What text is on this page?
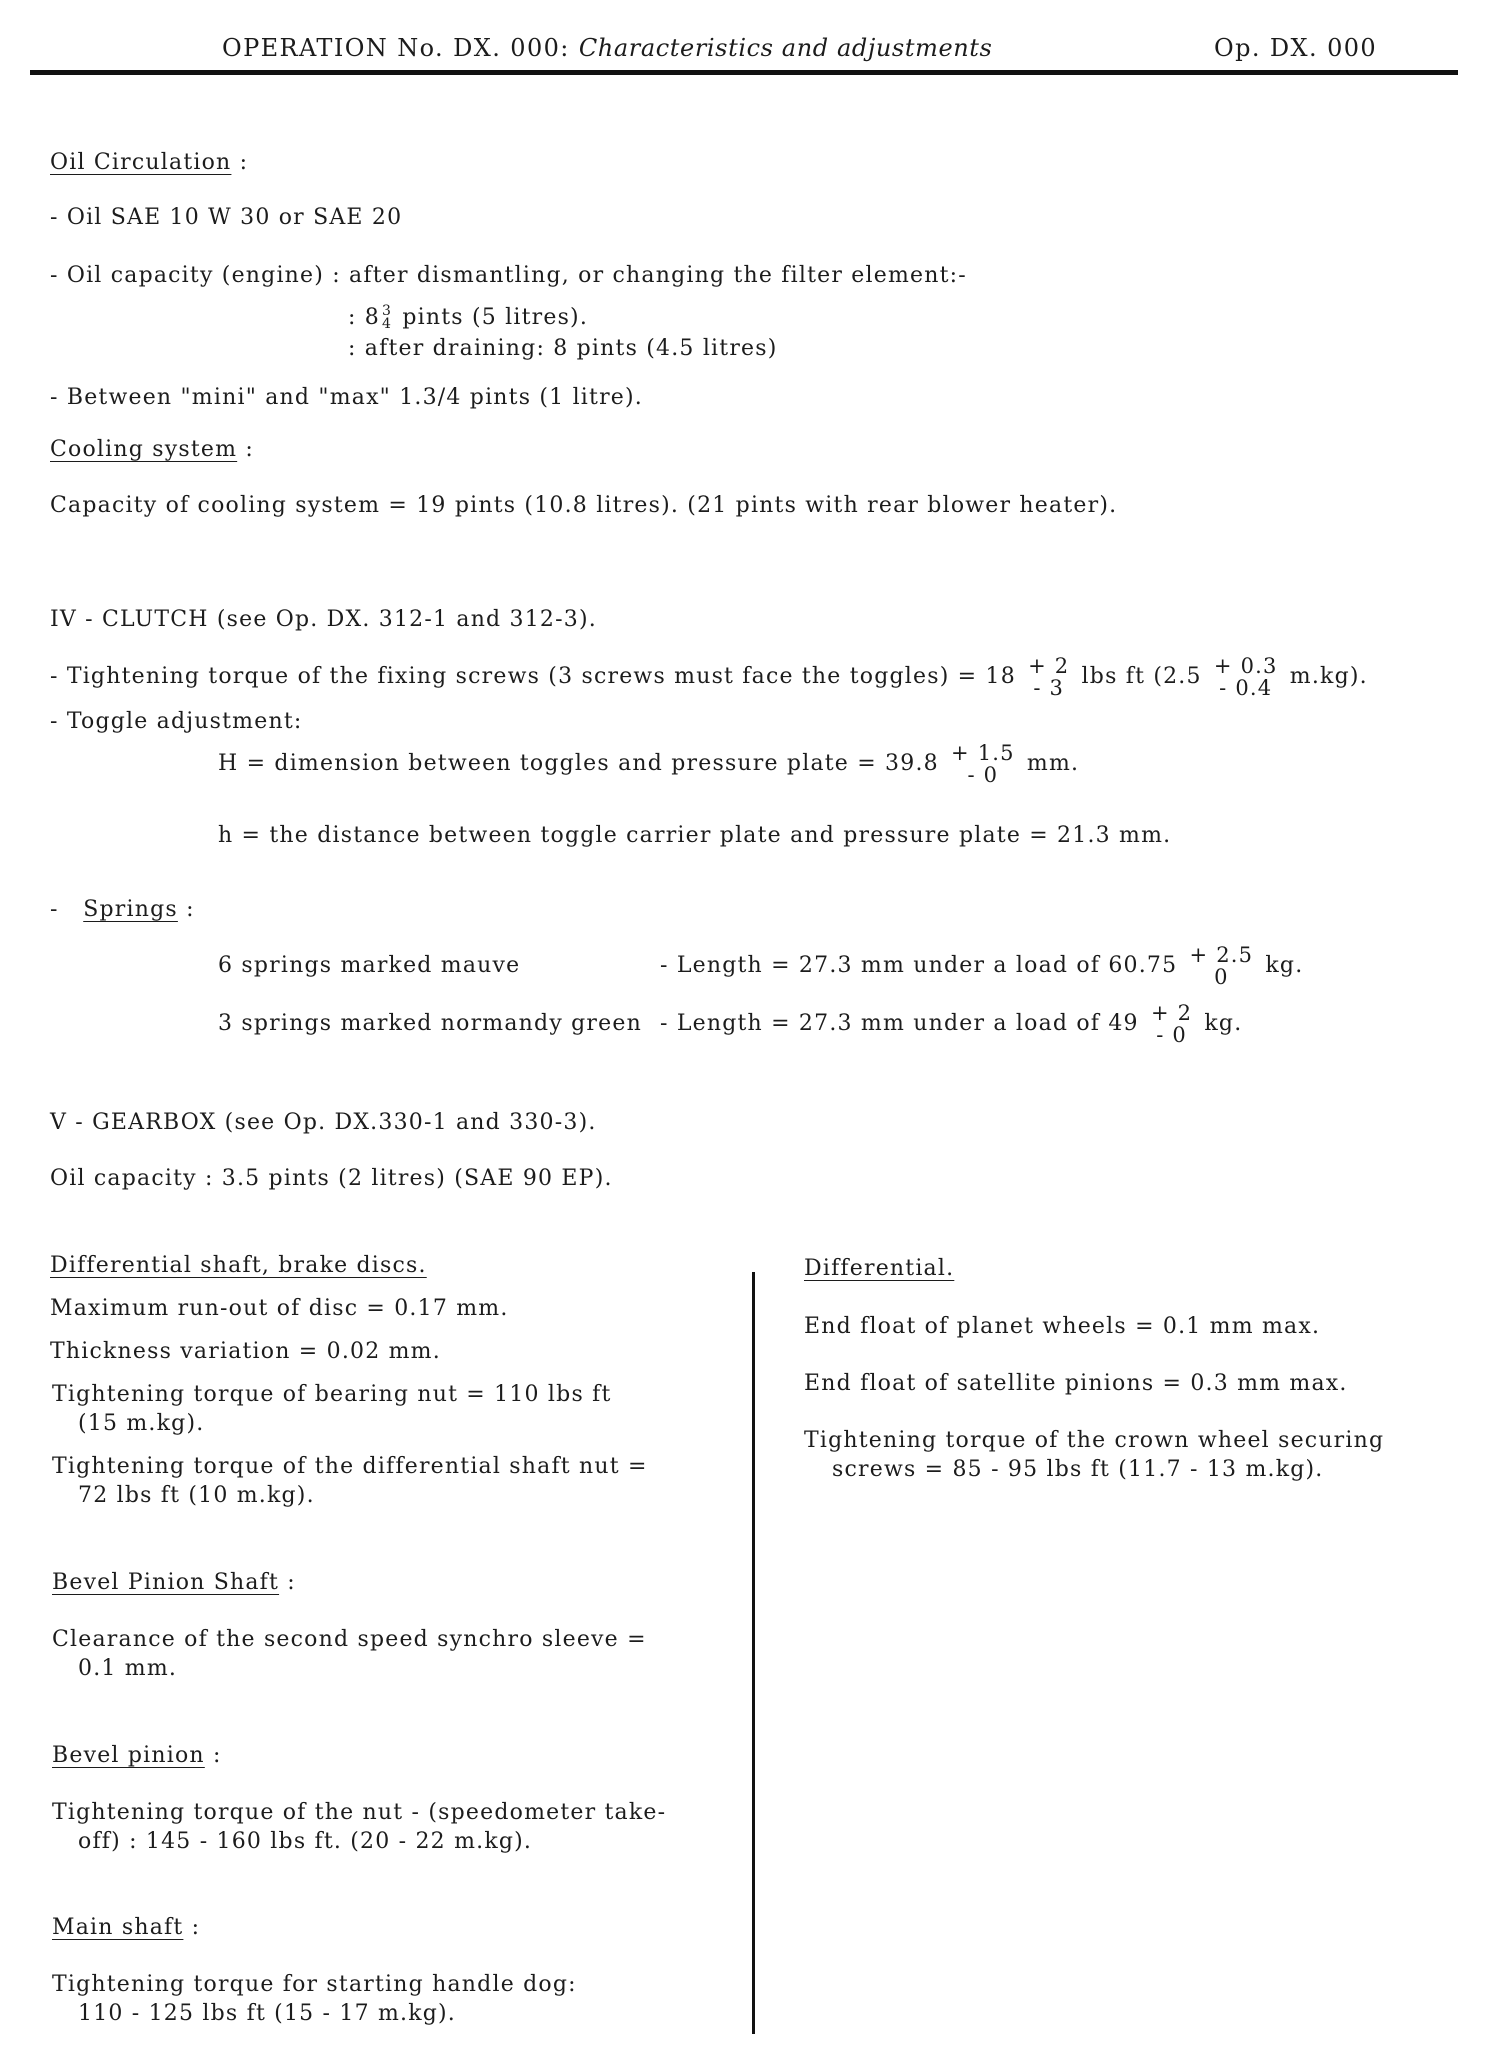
OPERATION No. DX. 000: Characteristics and adjustments	Op. DX. 000
Oil Circulation :
- Oil SAE 10 W 30 or SAE 20
- Oil capacity (engine) : after dismantling, or changing the filter element:-
: 8 3
4 pints (5 litres).
: after draining: 8 pints (4.5 litres)
- Between "mini" and "max" 1.3/4 pints (1 litre).
Cooling system :
Capacity of cooling system = 19 pints (10.8 litres). (21 pints with rear blower heater).
IV - CLUTCH (see Op. DX. 312-1 and 312-3).
- Tightening torque of the fixing screws (3 screws must face the toggles) = 18 + 2
- 3 lbs ft (2.5 + 0.3
- 0.4 m.kg).
- Toggle adjustment:
H = dimension between toggles and pressure plate = 39.8 + 1.5
- 0	mm.
h = the distance between toggle carrier plate and pressure plate = 21.3 mm.
- Springs :
6 springs marked mauve	- Length = 27.3 mm under a load of 60.75 + 2.5
0	kg.
3 springs marked normandy green - Length = 27.3 mm under a load of 49 + 2
- 0 kg.
V - GEARBOX (see Op. DX.330-1 and 330-3).
Oil capacity : 3.5 pints (2 litres) (SAE 90 EP).
Differential shaft, brake discs.
Maximum run-out of disc = 0.17 mm.
Thickness variation = 0.02 mm.
Tightening torque of bearing nut = 110 lbs ft
(15 m.kg).
Tightening torque of the differential shaft nut =
72 lbs ft (10 m.kg).
Bevel Pinion Shaft :
Clearance of the second speed synchro sleeve =
0.1 mm.
Bevel pinion :
Tightening torque of the nut - (speedometer take-
off) : 145 - 160 lbs ft. (20 - 22 m.kg).
Main shaft :
Tightening torque for starting handle dog:
110 - 125 lbs ft (15 - 17 m.kg).
Differential.
End float of planet wheels = 0.1 mm max.
End float of satellite pinions = 0.3 mm max.
Tightening torque of the crown wheel securing
screws = 85 - 95 lbs ft (11.7 - 13 m.kg).
